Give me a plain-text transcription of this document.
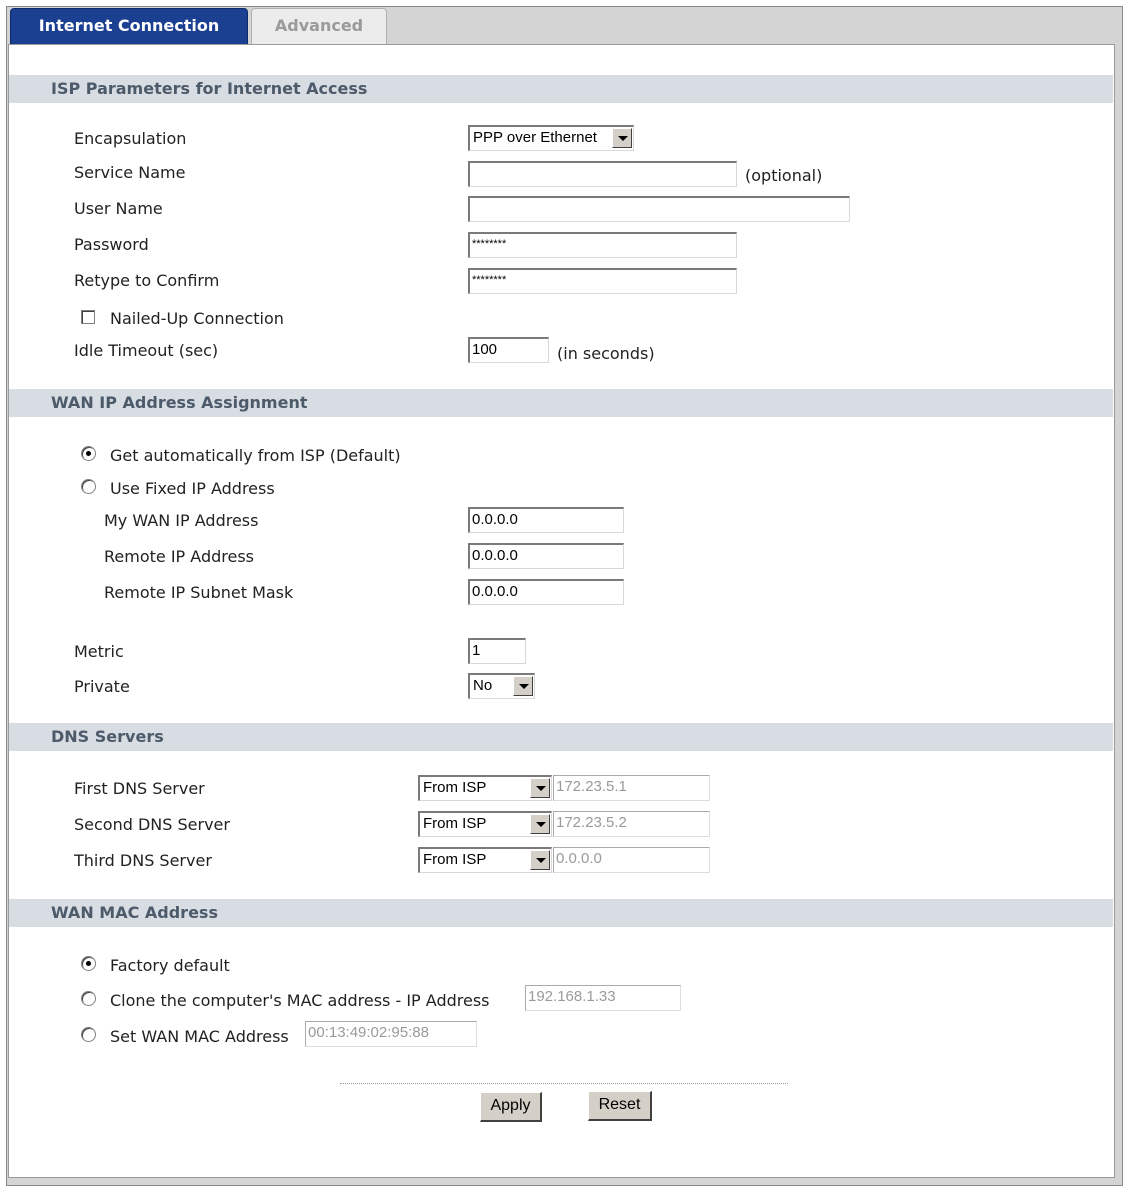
Internet Connection	Advanced
ISP Parameters for Internet Access
Encapsulation	PPP over Ethernet
Service Name	(optional)
User Name
Password	********
Retype to Confirm	********
Nailed-Up Connection
Idle Timeout (sec)	100	(in seconds)
WAN IP Address Assignment
Get automatically from ISP (Default)
Use Fixed IP Address
My WAN IP Address	0.0.0.0
Remote IP Address	0.0.0.0
Remote IP Subnet Mask	0.0.0.0
Metric	1
Private	No
DNS Servers
First DNS Server	From ISP	172.23.5.1
Second DNS Server	From ISP	172.23.5.2
Third DNS Server	From ISP	0.0.0.0
WAN MAC Address
Factory default
Clone the computer's MAC address - IP Address	192.168.1.33
Set WAN MAC Address 00:13:49:02:95:88
Apply	Reset
